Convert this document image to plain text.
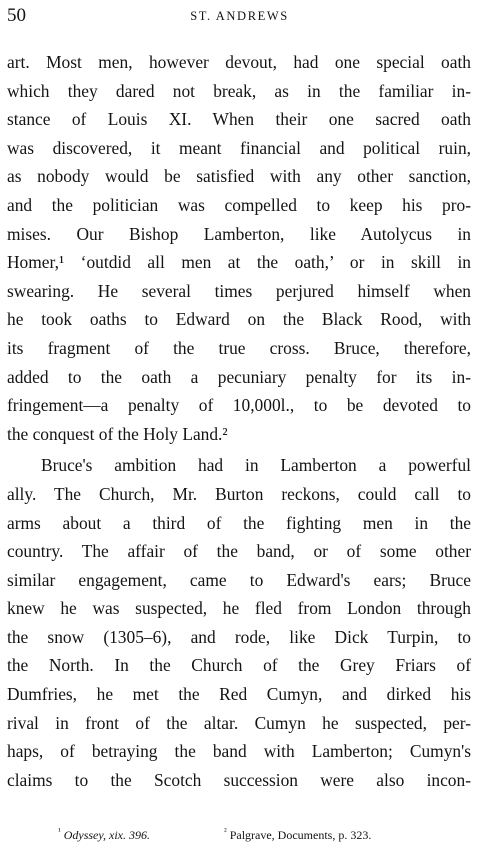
50	ST. ANDREWS
art. Most men, however devout, had one special oath
which they dared not break, as in the familiar in-
stance of Louis XI. When their one sacred oath
was discovered, it meant financial and political ruin,
as nobody would be satisfied with any other sanction,
and the politician was compelled to keep his pro-
mises. Our Bishop Lamberton, like Autolycus in
Homer,¹ ‘outdid all men at the oath,’ or in skill in
swearing. He several times perjured himself when
he took oaths to Edward on the Black Rood, with
its fragment of the true cross. Bruce, therefore,
added to the oath a pecuniary penalty for its in-
fringement—a penalty of 10,000l., to be devoted to
the conquest of the Holy Land.²
Bruce's ambition had in Lamberton a powerful
ally. The Church, Mr. Burton reckons, could call to
arms about a third of the fighting men in the
country. The affair of the band, or of some other
similar engagement, came to Edward's ears; Bruce
knew he was suspected, he fled from London through
the snow (1305–6), and rode, like Dick Turpin, to
the North. In the Church of the Grey Friars of
Dumfries, he met the Red Cumyn, and dirked his
rival in front of the altar. Cumyn he suspected, per-
haps, of betraying the band with Lamberton; Cumyn's
claims to the Scotch succession were also incon-
$^{^1}$ Odyssey, xix. 396.	$^{^2}$ Palgrave, Documents, p. 323.
